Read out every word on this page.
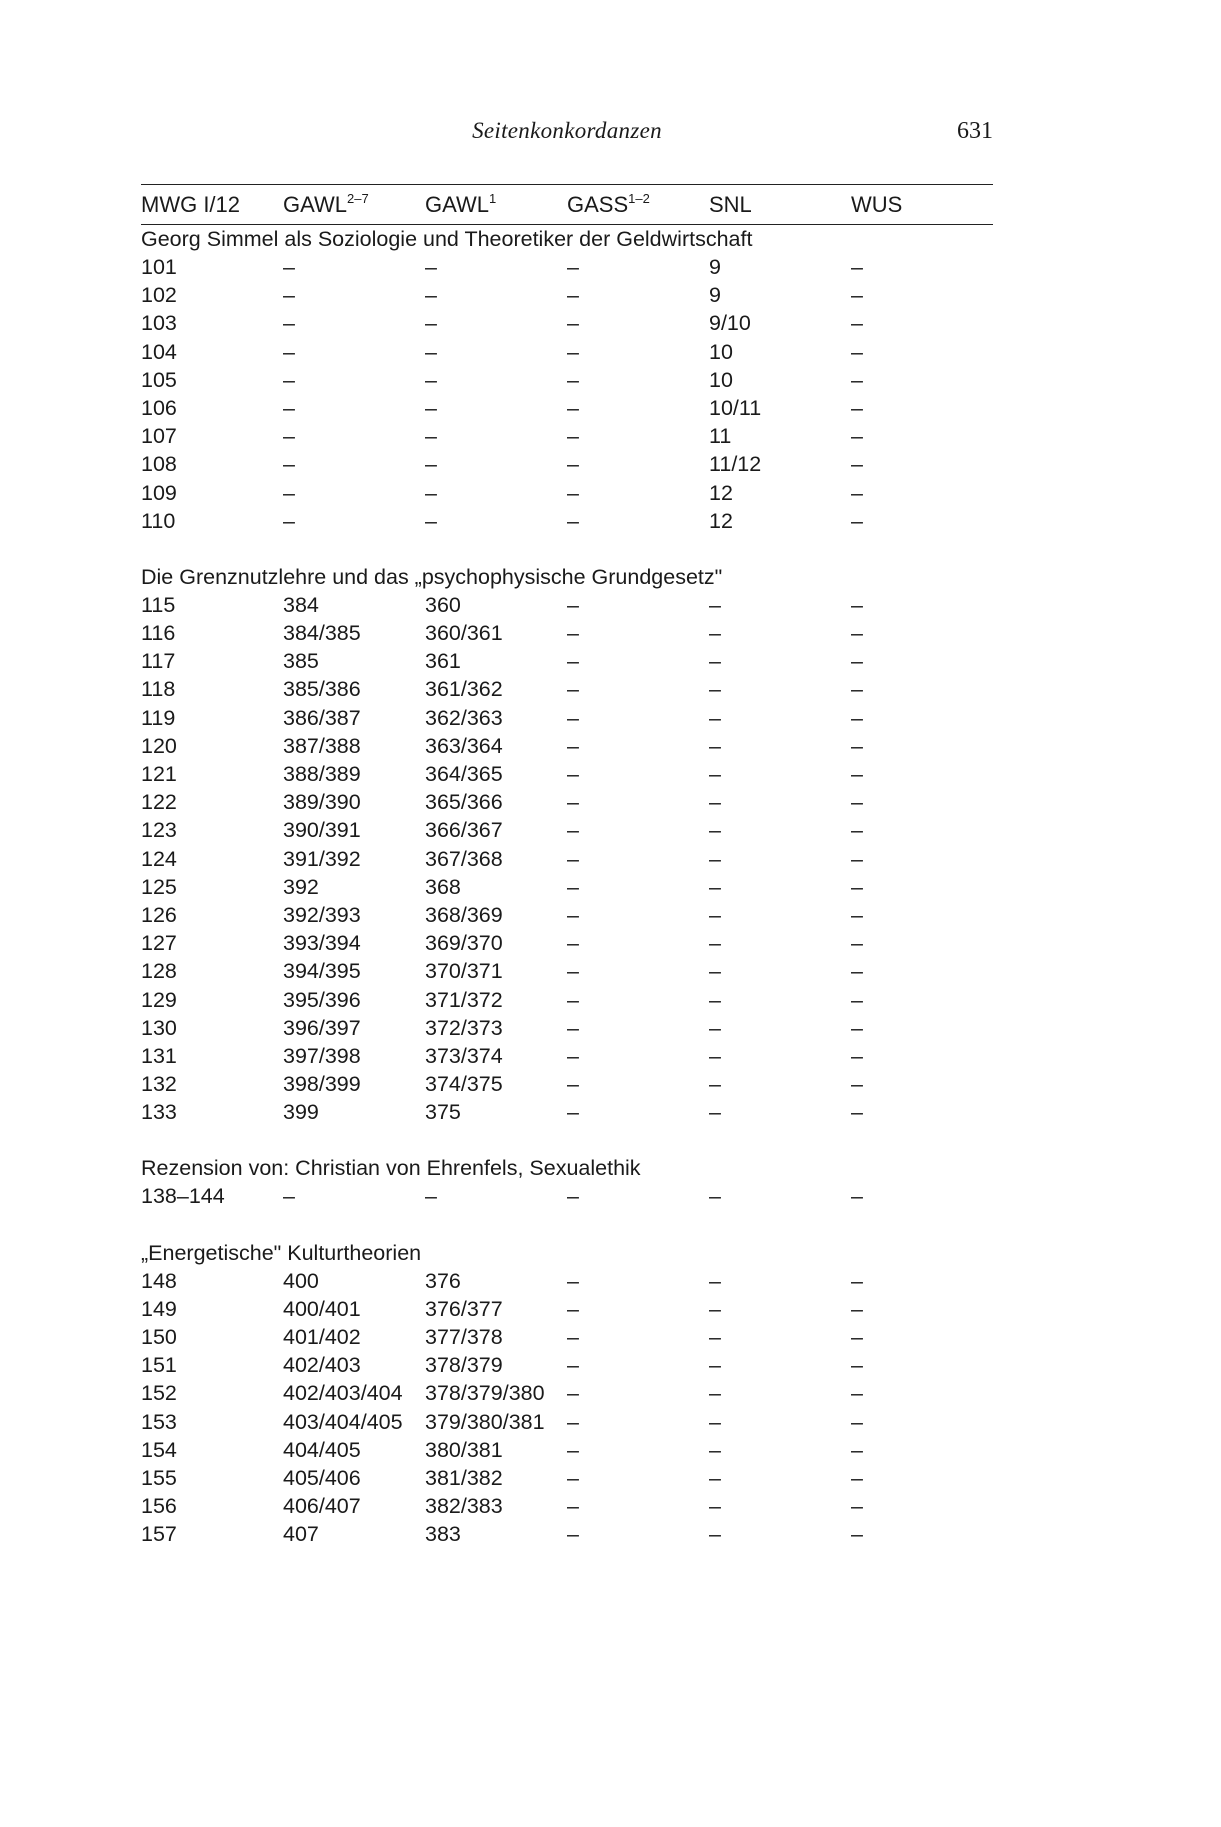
Seitenkonkordanzen	631
MWG I/12	GAWL$^{2-7}$	GAWL$^1$	GASS$^{1-2}$	SNL	WUS
Georg Simmel als Soziologie und Theoretiker der Geldwirtschaft
101	–	–	–	9	–
102	–	–	–	9	–
103	–	–	–	9/10	–
104	–	–	–	10	–
105	–	–	–	10	–
106	–	–	–	10/11	–
107	–	–	–	11	–
108	–	–	–	11/12	–
109	–	–	–	12	–
110	–	–	–	12	–
Die Grenznutzlehre und das „psychophysische Grundgesetz"
115	384	360	–	–	–
116	384/385	360/361	–	–	–
117	385	361	–	–	–
118	385/386	361/362	–	–	–
119	386/387	362/363	–	–	–
120	387/388	363/364	–	–	–
121	388/389	364/365	–	–	–
122	389/390	365/366	–	–	–
123	390/391	366/367	–	–	–
124	391/392	367/368	–	–	–
125	392	368	–	–	–
126	392/393	368/369	–	–	–
127	393/394	369/370	–	–	–
128	394/395	370/371	–	–	–
129	395/396	371/372	–	–	–
130	396/397	372/373	–	–	–
131	397/398	373/374	–	–	–
132	398/399	374/375	–	–	–
133	399	375	–	–	–
Rezension von: Christian von Ehrenfels, Sexualethik
138–144	–	–	–	–	–
„Energetische" Kulturtheorien
148	400	376	–	–	–
149	400/401	376/377	–	–	–
150	401/402	377/378	–	–	–
151	402/403	378/379	–	–	–
152	402/403/404	378/379/380	–	–	–
153	403/404/405	379/380/381	–	–	–
154	404/405	380/381	–	–	–
155	405/406	381/382	–	–	–
156	406/407	382/383	–	–	–
157	407	383	–	–	–
